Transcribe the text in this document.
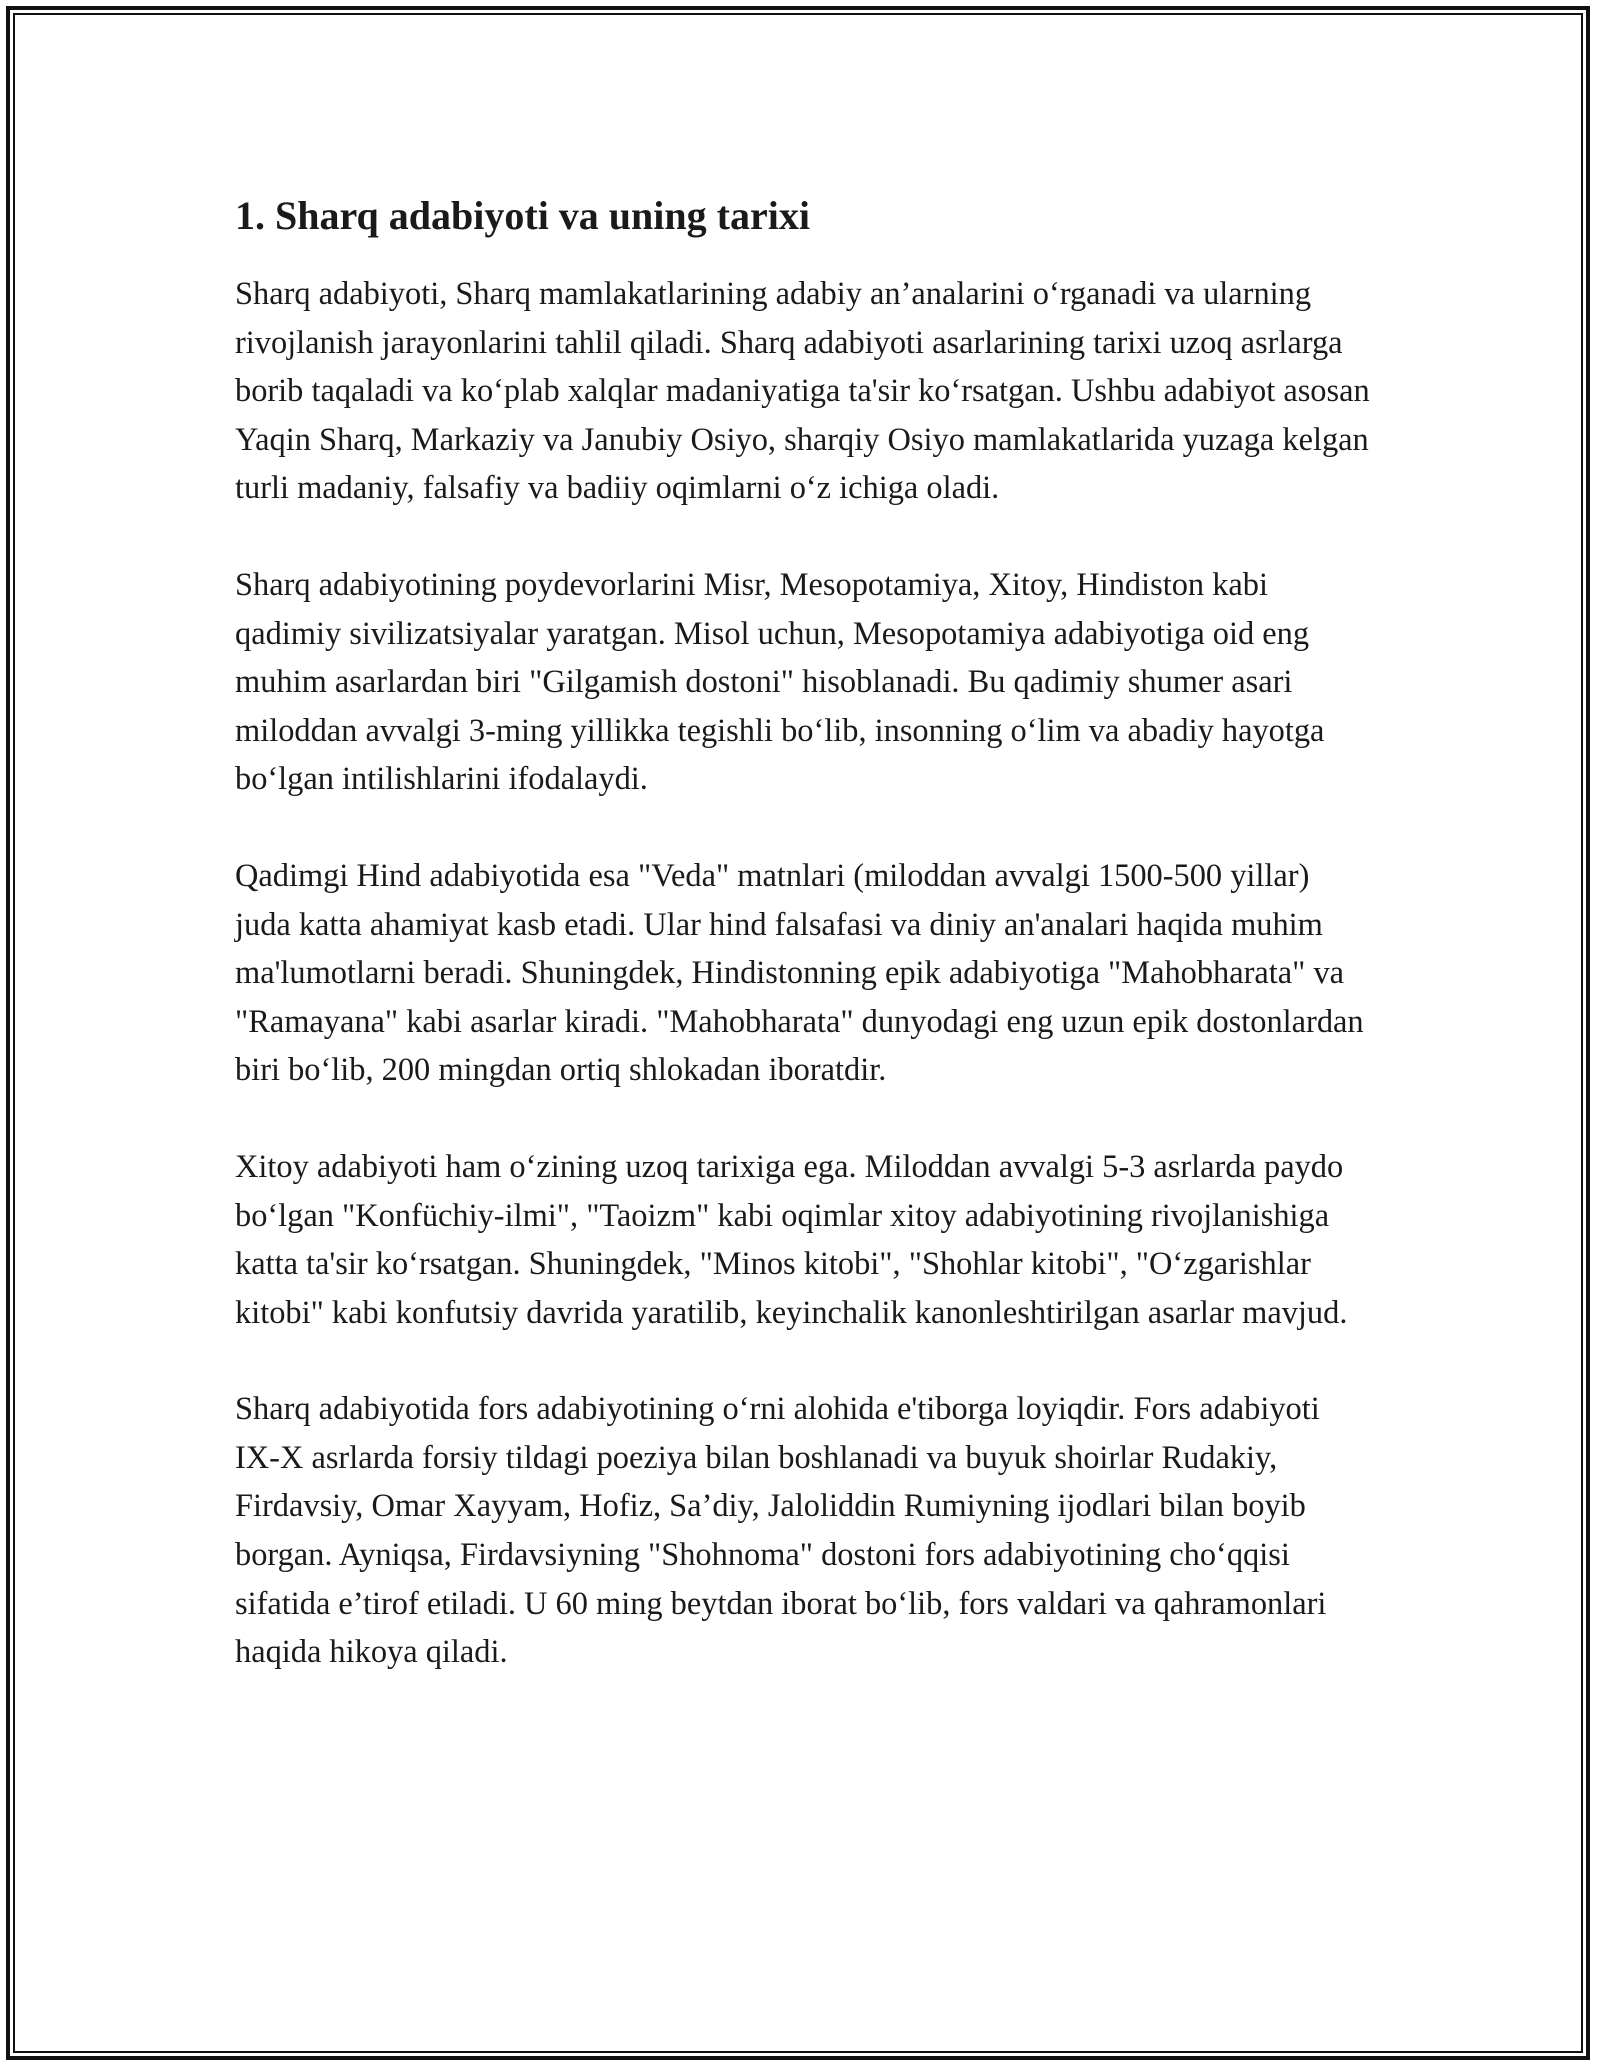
1. Sharq adabiyoti va uning tarixi

Sharq adabiyoti, Sharq mamlakatlarining adabiy an’analarini o‘rganadi va ularning rivojlanish jarayonlarini tahlil qiladi. Sharq adabiyoti asarlarining tarixi uzoq asrlarga borib taqaladi va ko‘plab xalqlar madaniyatiga ta'sir ko‘rsatgan. Ushbu adabiyot asosan Yaqin Sharq, Markaziy va Janubiy Osiyo, sharqiy Osiyo mamlakatlarida yuzaga kelgan turli madaniy, falsafiy va badiiy oqimlarni o‘z ichiga oladi.

Sharq adabiyotining poydevorlarini Misr, Mesopotamiya, Xitoy, Hindiston kabi qadimiy sivilizatsiyalar yaratgan. Misol uchun, Mesopotamiya adabiyotiga oid eng muhim asarlardan biri "Gilgamish dostoni" hisoblanadi. Bu qadimiy shumer asari miloddan avvalgi 3-ming yillikka tegishli bo‘lib, insonning o‘lim va abadiy hayotga bo‘lgan intilishlarini ifodalaydi.

Qadimgi Hind adabiyotida esa "Veda" matnlari (miloddan avvalgi 1500-500 yillar) juda katta ahamiyat kasb etadi. Ular hind falsafasi va diniy an'analari haqida muhim ma'lumotlarni beradi. Shuningdek, Hindistonning epik adabiyotiga "Mahobharata" va "Ramayana" kabi asarlar kiradi. "Mahobharata" dunyodagi eng uzun epik dostonlardan biri bo‘lib, 200 mingdan ortiq shlokadan iboratdir.

Xitoy adabiyoti ham o‘zining uzoq tarixiga ega. Miloddan avvalgi 5-3 asrlarda paydo bo‘lgan "Konfüchiy-ilmi", "Taoizm" kabi oqimlar xitoy adabiyotining rivojlanishiga katta ta'sir ko‘rsatgan. Shuningdek, "Minos kitobi", "Shohlar kitobi", "O‘zgarishlar kitobi" kabi konfutsiy davrida yaratilib, keyinchalik kanonleshtirilgan asarlar mavjud.

Sharq adabiyotida fors adabiyotining o‘rni alohida e'tiborga loyiqdir. Fors adabiyoti IX-X asrlarda forsiy tildagi poeziya bilan boshlanadi va buyuk shoirlar Rudakiy, Firdavsiy, Omar Xayyam, Hofiz, Sa’diy, Jaloliddin Rumiyning ijodlari bilan boyib borgan. Ayniqsa, Firdavsiyning "Shohnoma" dostoni fors adabiyotining cho‘qqisi sifatida e’tirof etiladi. U 60 ming beytdan iborat bo‘lib, fors valdari va qahramonlari haqida hikoya qiladi.
